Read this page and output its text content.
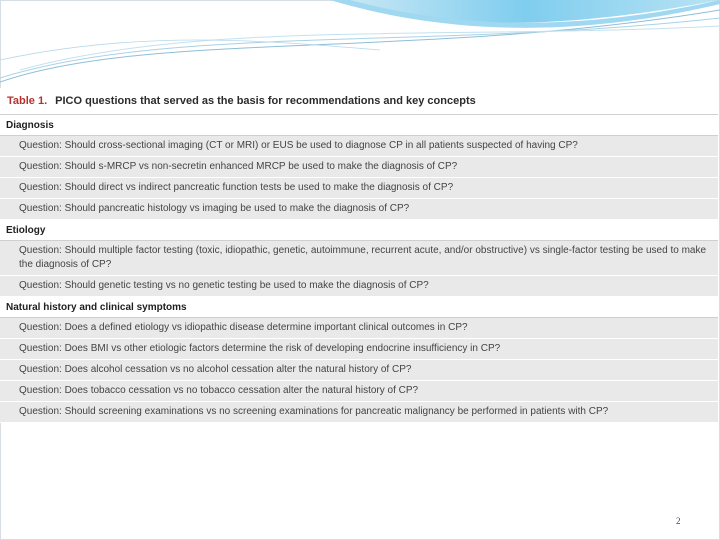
Table 1. PICO questions that served as the basis for recommendations and key concepts
Diagnosis
Question: Should cross-sectional imaging (CT or MRI) or EUS be used to diagnose CP in all patients suspected of having CP?
Question: Should s-MRCP vs non-secretin enhanced MRCP be used to make the diagnosis of CP?
Question: Should direct vs indirect pancreatic function tests be used to make the diagnosis of CP?
Question: Should pancreatic histology vs imaging be used to make the diagnosis of CP?
Etiology
Question: Should multiple factor testing (toxic, idiopathic, genetic, autoimmune, recurrent acute, and/or obstructive) vs single-factor testing be used to make the diagnosis of CP?
Question: Should genetic testing vs no genetic testing be used to make the diagnosis of CP?
Natural history and clinical symptoms
Question: Does a defined etiology vs idiopathic disease determine important clinical outcomes in CP?
Question: Does BMI vs other etiologic factors determine the risk of developing endocrine insufficiency in CP?
Question: Does alcohol cessation vs no alcohol cessation alter the natural history of CP?
Question: Does tobacco cessation vs no tobacco cessation alter the natural history of CP?
Question: Should screening examinations vs no screening examinations for pancreatic malignancy be performed in patients with CP?
2
